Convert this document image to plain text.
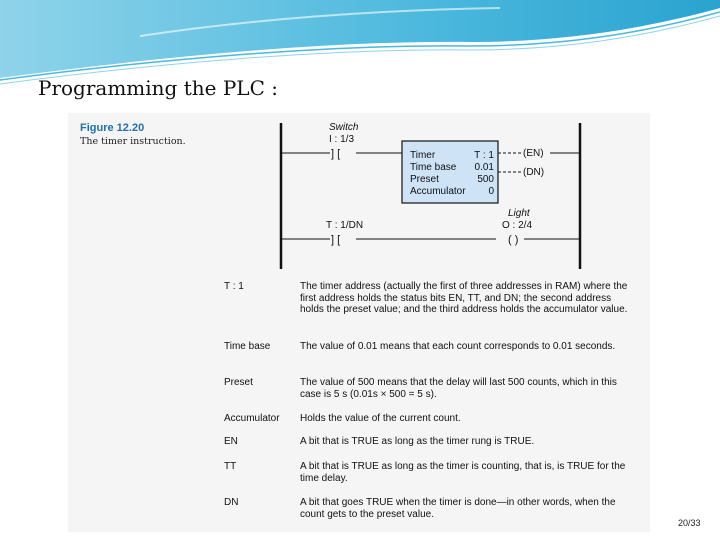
Programming the PLC :
Figure 12.20
The timer instruction.
Switch
I : 1/3
] [	Timer	T : 1
Time base 0.01
Preset	500
Accumulator 0
(EN)
(DN)
T : 1/DN
] [
Light
O : 2/4
( )
T : 1	The timer address (actually the first of three addresses in RAM) where the first address holds the status bits EN, TT, and DN; the second address holds the preset value; and the third address holds the accumulator value.
Time base	The value of 0.01 means that each count corresponds to 0.01 seconds.
Preset	The value of 500 means that the delay will last 500 counts, which in this case is 5 s (0.01s × 500 = 5 s).
Accumulator	Holds the value of the current count.
EN	A bit that is TRUE as long as the timer rung is TRUE.
TT	A bit that is TRUE as long as the timer is counting, that is, is TRUE for the time delay.
DN	A bit that goes TRUE when the timer is done—in other words, when the count gets to the preset value.
20/33
